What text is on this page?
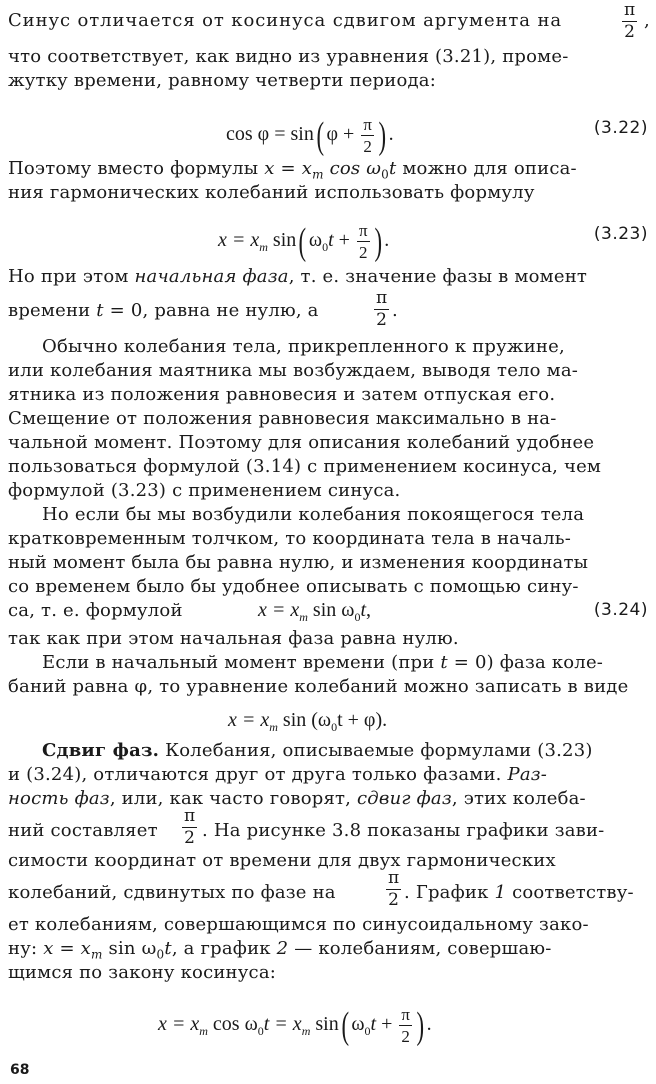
Синус отличается от косинуса сдвигом аргумента на	$\frac{\pi}{2}$ ,
что соответствует, как видно из уравнения (3.21), проме-
жутку времени, равному четверти периода:
cos φ = sin( $\varphi + \frac{\pi}{2}$ ) .	(3.22)
Поэтому вместо формулы $x = x_m$ $\cos \omega_0t$ можно для описа-
ния гармонических колебаний использовать формулу
$x = x_m$ sin( $\omega_0t + \frac{\pi}{2}$ ) .	(3.23)
Но при этом начальная фаза, т. е. значение фазы в момент
времени t = 0, равна не нулю, а	$\frac{\pi}{2}$ .
Обычно колебания тела, прикрепленного к пружине,
или колебания маятника мы возбуждаем, выводя тело ма-
ятника из положения равновесия и затем отпуская его.
Смещение от положения равновесия максимально в на-
чальной момент. Поэтому для описания колебаний удобнее
пользоваться формулой (3.14) с применением косинуса, чем
формулой (3.23) с применением синуса.
Но если бы мы возбудили колебания покоящегося тела
кратковременным толчком, то координата тела в началь-
ный момент была бы равна нулю, и изменения координаты
со временем было бы удобнее описывать с помощью сину-
са, т. е. формулой	$x = x_m$ $\sin \omega_0t$,	(3.24)
так как при этом начальная фаза равна нулю.
Если в начальный момент времени (при t = 0) фаза коле-
баний равна φ, то уравнение колебаний можно записать в виде
$x = x_m$ $\sin (\omega_0t + \varphi)$.
Сдвиг фаз. Колебания, описываемые формулами (3.23)
и (3.24), отличаются друг от друга только фазами. Раз-
ность фаз, или, как часто говорят, сдвиг фаз, этих колеба-
ний составляет $\frac{\pi}{2}$ . На рисунке 3.8 показаны графики зави-
симости координат от времени для двух гармонических
колебаний, сдвинутых по фазе на	$\frac{\pi}{2}$ . График 1 соответству-
ет колебаниям, совершающимся по синусоидальному зако-
ну: $x = x_m$ $\sin \omega_0t$, а график 2 — колебаниям, совершаю-
щимся по закону косинуса:
$x = x_m$ $\cos \omega_0t = x_m$ sin( $\omega_0t + \frac{\pi}{2}$ ) .
68
